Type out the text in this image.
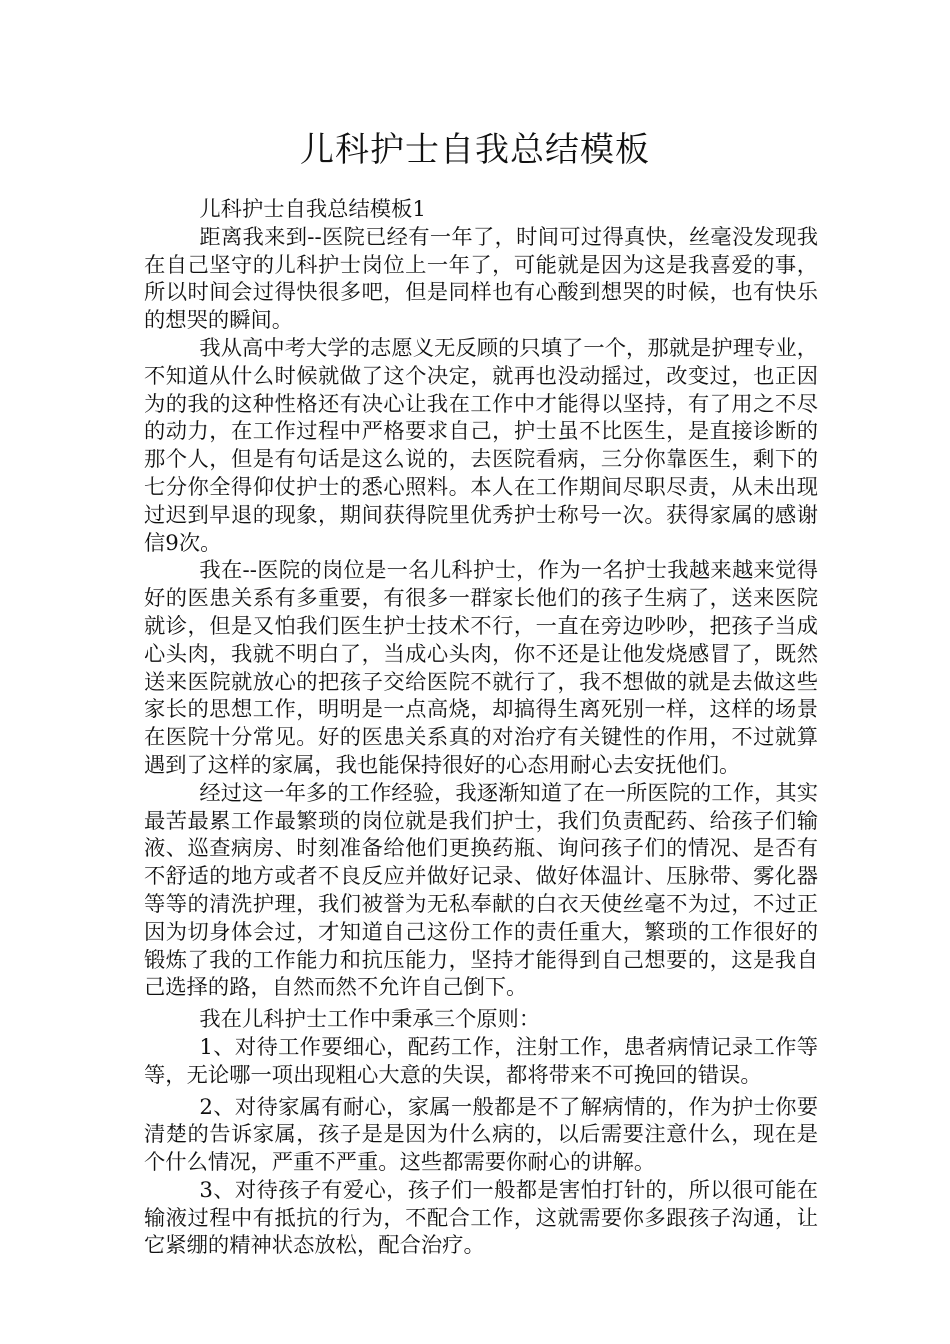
儿科护士自我总结模板

儿科护士自我总结模板1

距离我来到--医院已经有一年了，时间可过得真快，丝毫没发现我在自己坚守的儿科护士岗位上一年了，可能就是因为这是我喜爱的事，所以时间会过得快很多吧，但是同样也有心酸到想哭的时候，也有快乐的想哭的瞬间。

我从高中考大学的志愿义无反顾的只填了一个，那就是护理专业，不知道从什么时候就做了这个决定，就再也没动摇过，改变过，也正因为的我的这种性格还有决心让我在工作中才能得以坚持，有了用之不尽的动力，在工作过程中严格要求自己，护士虽不比医生，是直接诊断的那个人，但是有句话是这么说的，去医院看病，三分你靠医生，剩下的七分你全得仰仗护士的悉心照料。本人在工作期间尽职尽责，从未出现过迟到早退的现象，期间获得院里优秀护士称号一次。获得家属的感谢信9次。

我在--医院的岗位是一名儿科护士，作为一名护士我越来越来觉得好的医患关系有多重要，有很多一群家长他们的孩子生病了，送来医院就诊，但是又怕我们医生护士技术不行，一直在旁边吵吵，把孩子当成心头肉，我就不明白了，当成心头肉，你不还是让他发烧感冒了，既然送来医院就放心的把孩子交给医院不就行了，我不想做的就是去做这些家长的思想工作，明明是一点高烧，却搞得生离死别一样，这样的场景在医院十分常见。好的医患关系真的对治疗有关键性的作用，不过就算遇到了这样的家属，我也能保持很好的心态用耐心去安抚他们。

经过这一年多的工作经验，我逐渐知道了在一所医院的工作，其实最苦最累工作最繁琐的岗位就是我们护士，我们负责配药、给孩子们输液、巡查病房、时刻准备给他们更换药瓶、询问孩子们的情况、是否有不舒适的地方或者不良反应并做好记录、做好体温计、压脉带、雾化器等等的清洗护理，我们被誉为无私奉献的白衣天使丝毫不为过，不过正因为切身体会过，才知道自己这份工作的责任重大，繁琐的工作很好的锻炼了我的工作能力和抗压能力，坚持才能得到自己想要的，这是我自己选择的路，自然而然不允许自己倒下。

我在儿科护士工作中秉承三个原则：

1、对待工作要细心，配药工作，注射工作，患者病情记录工作等等，无论哪一项出现粗心大意的失误，都将带来不可挽回的错误。

2、对待家属有耐心，家属一般都是不了解病情的，作为护士你要清楚的告诉家属，孩子是是因为什么病的，以后需要注意什么，现在是个什么情况，严重不严重。这些都需要你耐心的讲解。

3、对待孩子有爱心，孩子们一般都是害怕打针的，所以很可能在输液过程中有抵抗的行为，不配合工作，这就需要你多跟孩子沟通，让它紧绷的精神状态放松，配合治疗。
